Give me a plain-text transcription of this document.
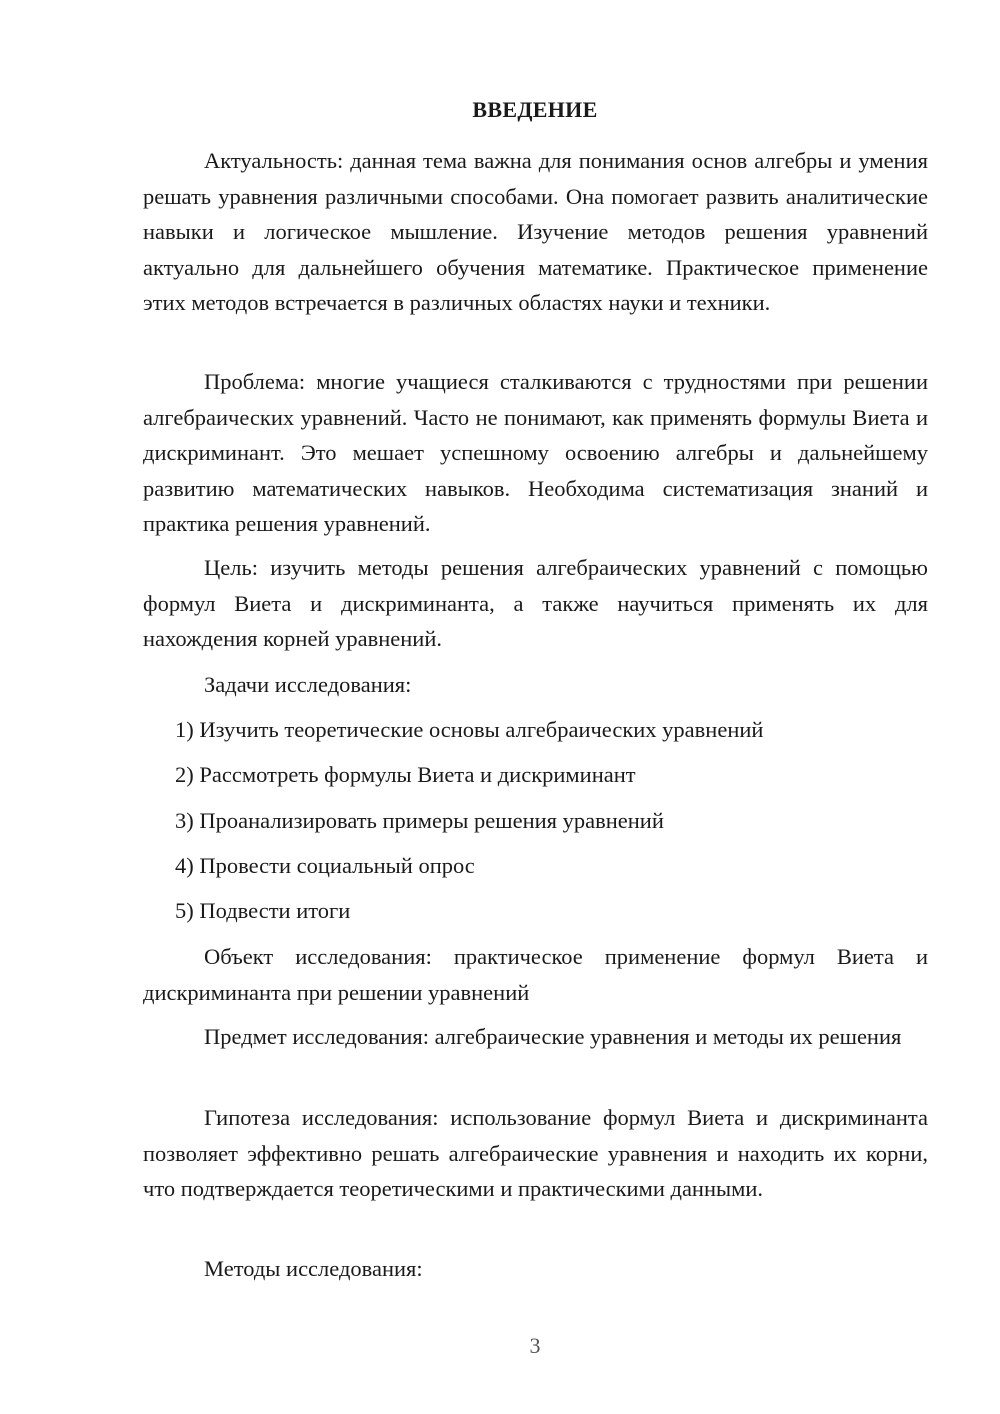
ВВЕДЕНИЕ
Актуальность: данная тема важна для понимания основ алгебры и умения решать уравнения различными способами. Она помогает развить аналитические навыки и логическое мышление. Изучение методов решения уравнений актуально для дальнейшего обучения математике. Практическое применение этих методов встречается в различных областях науки и техники.
Проблема: многие учащиеся сталкиваются с трудностями при решении алгебраических уравнений. Часто не понимают, как применять формулы Виета и дискриминант. Это мешает успешному освоению алгебры и дальнейшему развитию математических навыков. Необходима систематизация знаний и практика решения уравнений.
Цель: изучить методы решения алгебраических уравнений с помощью формул Виета и дискриминанта, а также научиться применять их для нахождения корней уравнений.
Задачи исследования:
1) Изучить теоретические основы алгебраических уравнений
2) Рассмотреть формулы Виета и дискриминант
3) Проанализировать примеры решения уравнений
4) Провести социальный опрос
5) Подвести итоги
Объект исследования: практическое применение формул Виета и дискриминанта при решении уравнений
Предмет исследования: алгебраические уравнения и методы их решения
Гипотеза исследования: использование формул Виета и дискриминанта позволяет эффективно решать алгебраические уравнения и находить их корни, что подтверждается теоретическими и практическими данными.
Методы исследования:
3
